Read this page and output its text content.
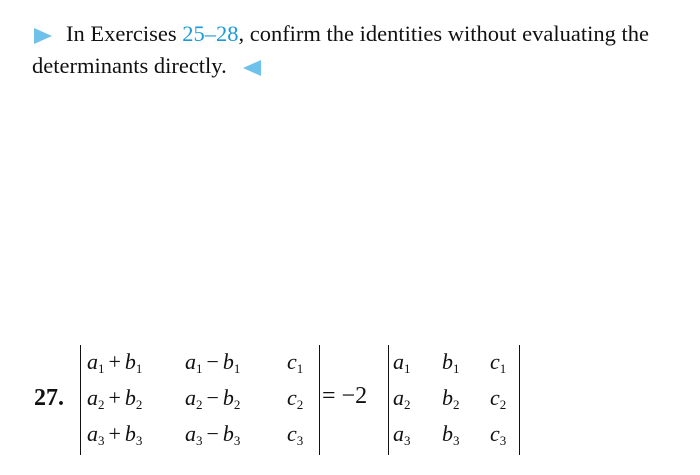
In Exercises 25–28, confirm the identities without evaluating the determinants directly.
27.
$a_1 + b_1$ $a_1 - b_1$ $c_1$
$a_2 + b_2$ $a_2 - b_2$ $c_2$
$a_3 + b_3$ $a_3 - b_3$ $c_3$
= −2
$a_1$ $b_1$ $c_1$
$a_2$ $b_2$ $c_2$
$a_3$ $b_3$ $c_3$
